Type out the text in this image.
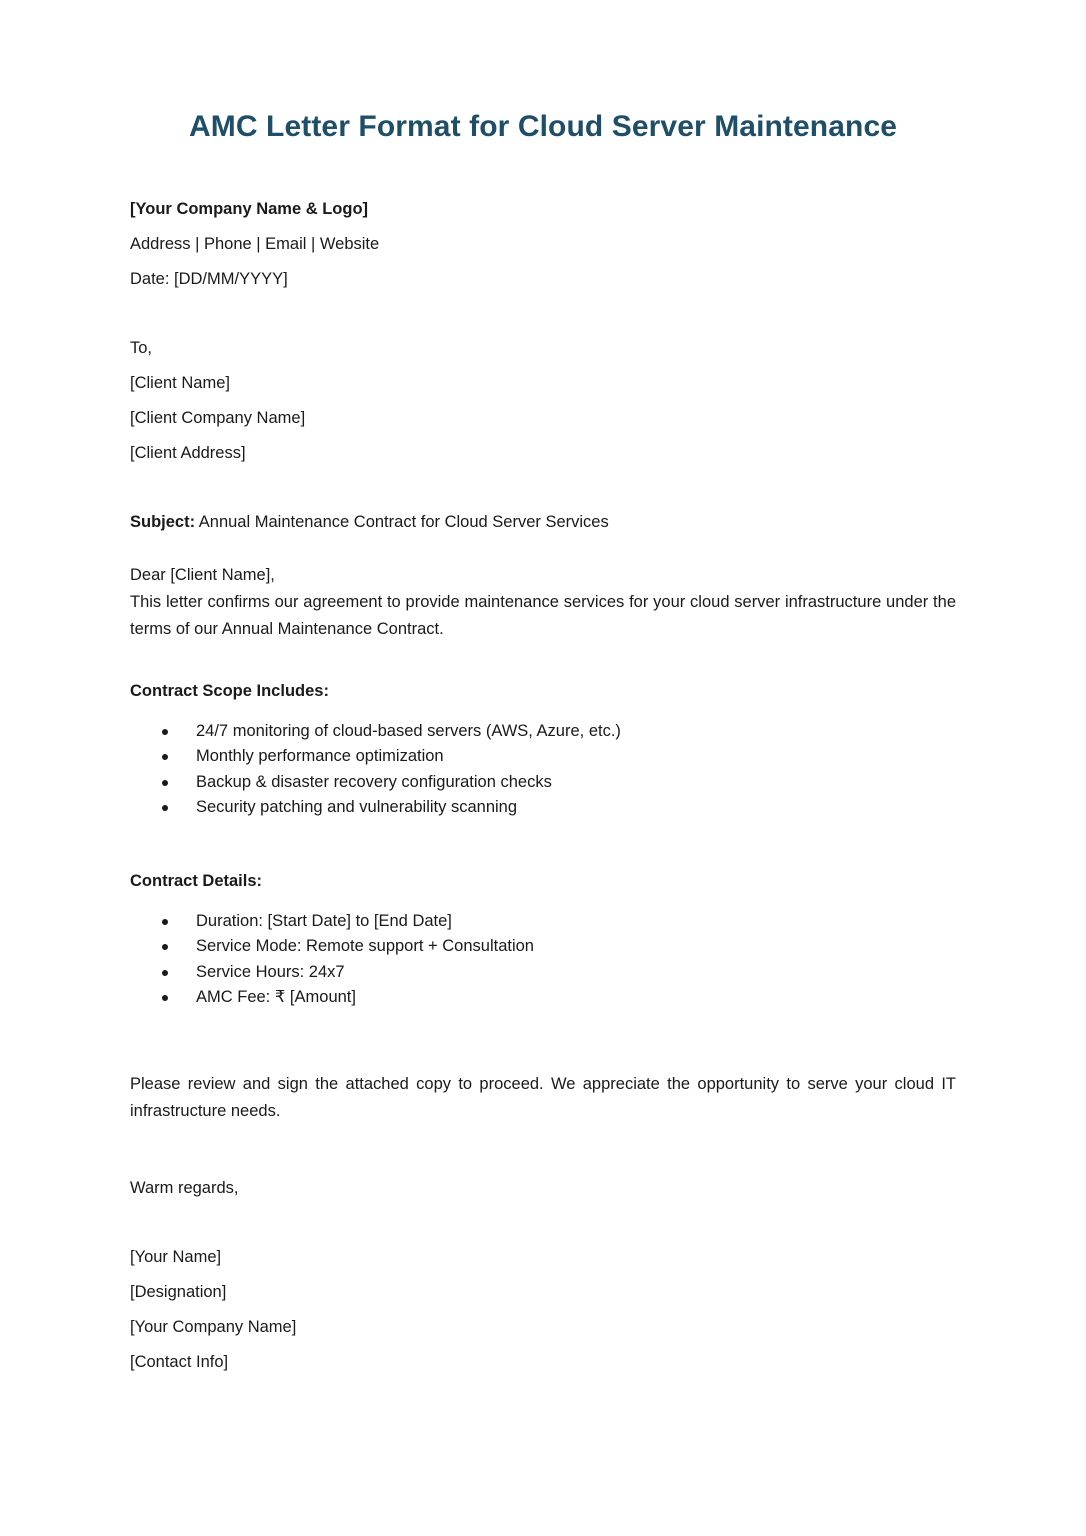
AMC Letter Format for Cloud Server Maintenance

[Your Company Name & Logo]

Address | Phone | Email | Website

Date: [DD/MM/YYYY]

To,

[Client Name]

[Client Company Name]

[Client Address]

Subject: Annual Maintenance Contract for Cloud Server Services

Dear [Client Name],

This letter confirms our agreement to provide maintenance services for your cloud server infrastructure under the terms of our Annual Maintenance Contract.

Contract Scope Includes:

24/7 monitoring of cloud-based servers (AWS, Azure, etc.)
Monthly performance optimization
Backup & disaster recovery configuration checks
Security patching and vulnerability scanning

Contract Details:

Duration: [Start Date] to [End Date]
Service Mode: Remote support + Consultation
Service Hours: 24x7
AMC Fee: ₹ [Amount]

Please review and sign the attached copy to proceed. We appreciate the opportunity to serve your cloud IT infrastructure needs.

Warm regards,

[Your Name]

[Designation]

[Your Company Name]

[Contact Info]
